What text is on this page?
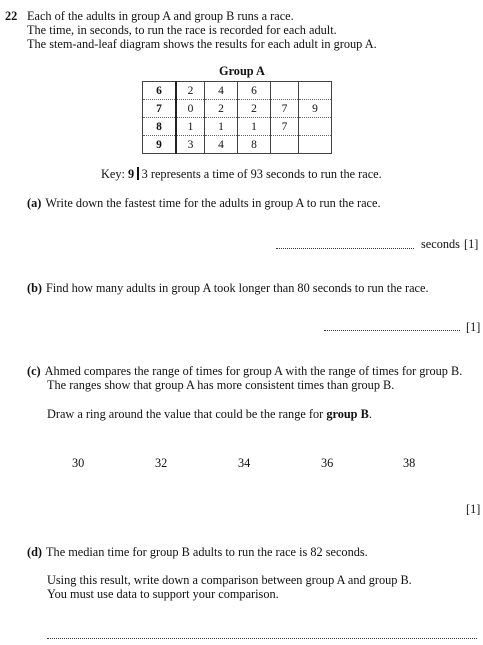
22 Each of the adults in group A and group B runs a race.
The time, in seconds, to run the race is recorded for each adult.
The stem-and-leaf diagram shows the results for each adult in group A.
Group A
6	2	4	6		
7	0	2	2	7	9
8	1	1	1	7	
9	3	4	8		
Key: 9 3 represents a time of 93 seconds to run the race.
(a) Write down the fastest time for the adults in group A to run the race.
seconds [1]
(b) Find how many adults in group A took longer than 80 seconds to run the race.
[1]
(c) Ahmed compares the range of times for group A with the range of times for group B.
The ranges show that group A has more consistent times than group B.
Draw a ring around the value that could be the range for group B.
30	32	34	36	38
[1]
(d) The median time for group B adults to run the race is 82 seconds.
Using this result, write down a comparison between group A and group B.
You must use data to support your comparison.
